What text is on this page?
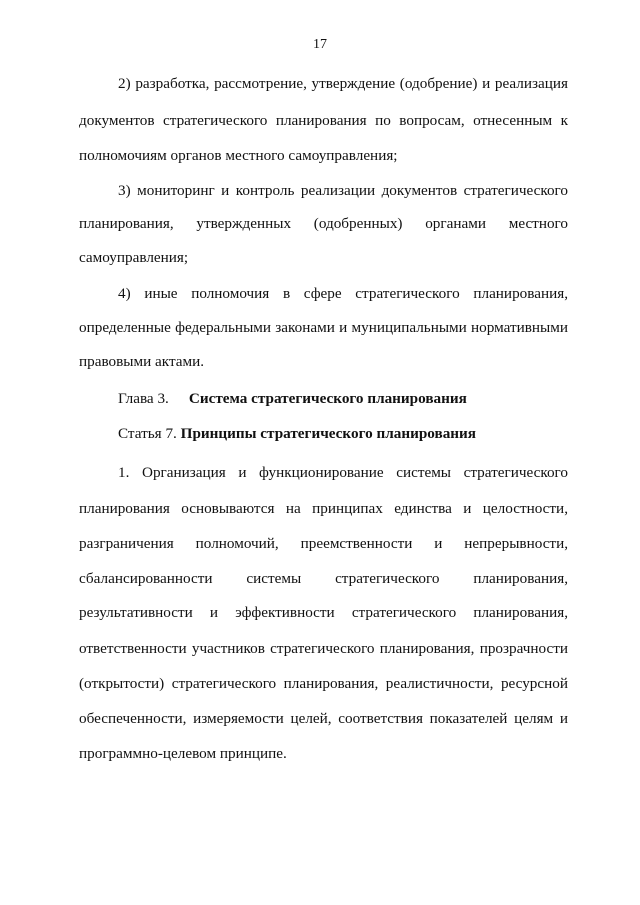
17
2) разработка, рассмотрение, утверждение (одобрение) и реализация
документов стратегического планирования по вопросам, отнесенным к
полномочиям органов местного самоуправления;
3) мониторинг и контроль реализации документов стратегического
планирования, утвержденных (одобренных) органами местного
самоуправления;
4) иные полномочия в сфере стратегического планирования,
определенные федеральными законами и муниципальными нормативными
правовыми актами.
Глава 3. Система стратегического планирования
Статья 7. Принципы стратегического планирования
1. Организация и функционирование системы стратегического
планирования основываются на принципах единства и целостности,
разграничения полномочий, преемственности и непрерывности,
сбалансированности системы стратегического планирования,
результативности и эффективности стратегического планирования,
ответственности участников стратегического планирования, прозрачности
(открытости) стратегического планирования, реалистичности, ресурсной
обеспеченности, измеряемости целей, соответствия показателей целям и
программно-целевом принципе.
